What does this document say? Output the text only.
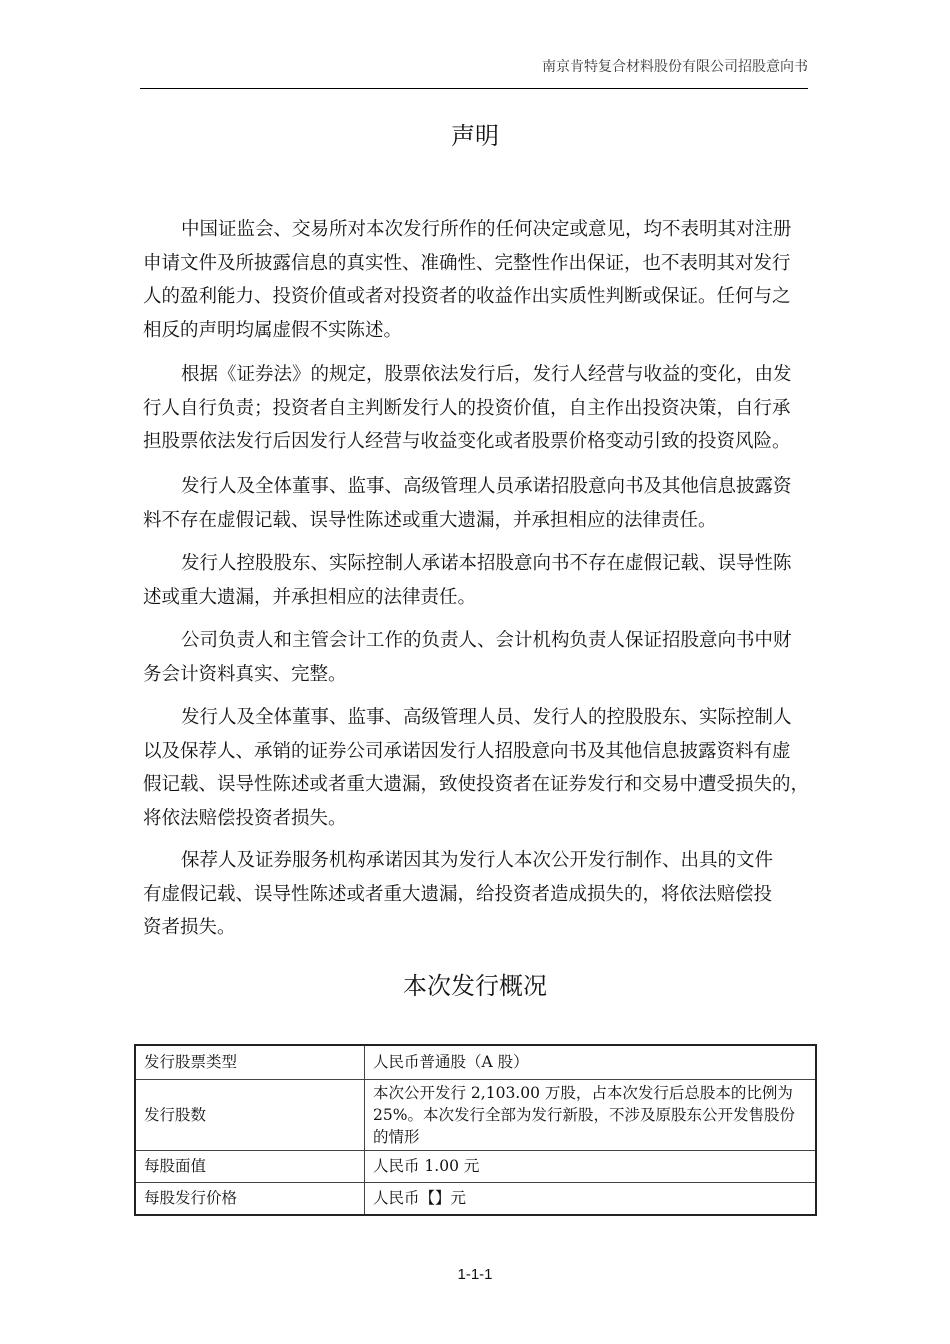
南京肯特复合材料股份有限公司招股意向书
声明
中国证监会、交易所对本次发行所作的任何决定或意见，均不表明其对注册
申请文件及所披露信息的真实性、准确性、完整性作出保证，也不表明其对发行
人的盈利能力、投资价值或者对投资者的收益作出实质性判断或保证。任何与之
相反的声明均属虚假不实陈述。
根据《证券法》的规定，股票依法发行后，发行人经营与收益的变化，由发
行人自行负责；投资者自主判断发行人的投资价值，自主作出投资决策，自行承
担股票依法发行后因发行人经营与收益变化或者股票价格变动引致的投资风险。
发行人及全体董事、监事、高级管理人员承诺招股意向书及其他信息披露资
料不存在虚假记载、误导性陈述或重大遗漏，并承担相应的法律责任。
发行人控股股东、实际控制人承诺本招股意向书不存在虚假记载、误导性陈
述或重大遗漏，并承担相应的法律责任。
公司负责人和主管会计工作的负责人、会计机构负责人保证招股意向书中财
务会计资料真实、完整。
发行人及全体董事、监事、高级管理人员、发行人的控股股东、实际控制人
以及保荐人、承销的证券公司承诺因发行人招股意向书及其他信息披露资料有虚
假记载、误导性陈述或者重大遗漏，致使投资者在证券发行和交易中遭受损失的，
将依法赔偿投资者损失。
保荐人及证券服务机构承诺因其为发行人本次公开发行制作、出具的文件
有虚假记载、误导性陈述或者重大遗漏，给投资者造成损失的，将依法赔偿投
资者损失。
本次发行概况
发行股票类型	人民币普通股（A 股）
发行股数	本次公开发行 2,103.00 万股，占本次发行后总股本的比例为 25%。本次发行全部为发行新股，不涉及原股东公开发售股份的情形
每股面值	人民币 1.00 元
每股发行价格	人民币【】元
1-1-1
